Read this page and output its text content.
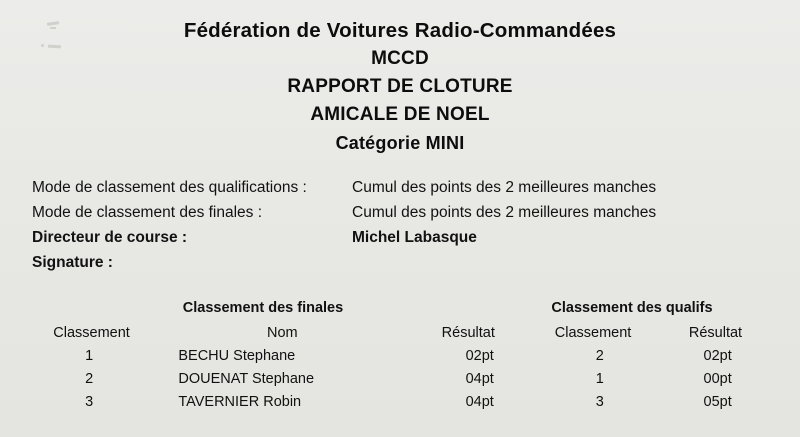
Fédération de Voitures Radio-Commandées
MCCD
RAPPORT DE CLOTURE
AMICALE DE NOEL
Catégorie MINI
Mode de classement des qualifications :	Cumul des points des 2 meilleures manches
Mode de classement des finales :	Cumul des points des 2 meilleures manches
Directeur de course :	Michel Labasque
Signature :
Classement des finales	Classement des qualifs
Classement	Nom	Résultat	Classement	Résultat
1	BECHU Stephane	02pt	2	02pt
2	DOUENAT Stephane	04pt	1	00pt
3	TAVERNIER Robin	04pt	3	05pt
